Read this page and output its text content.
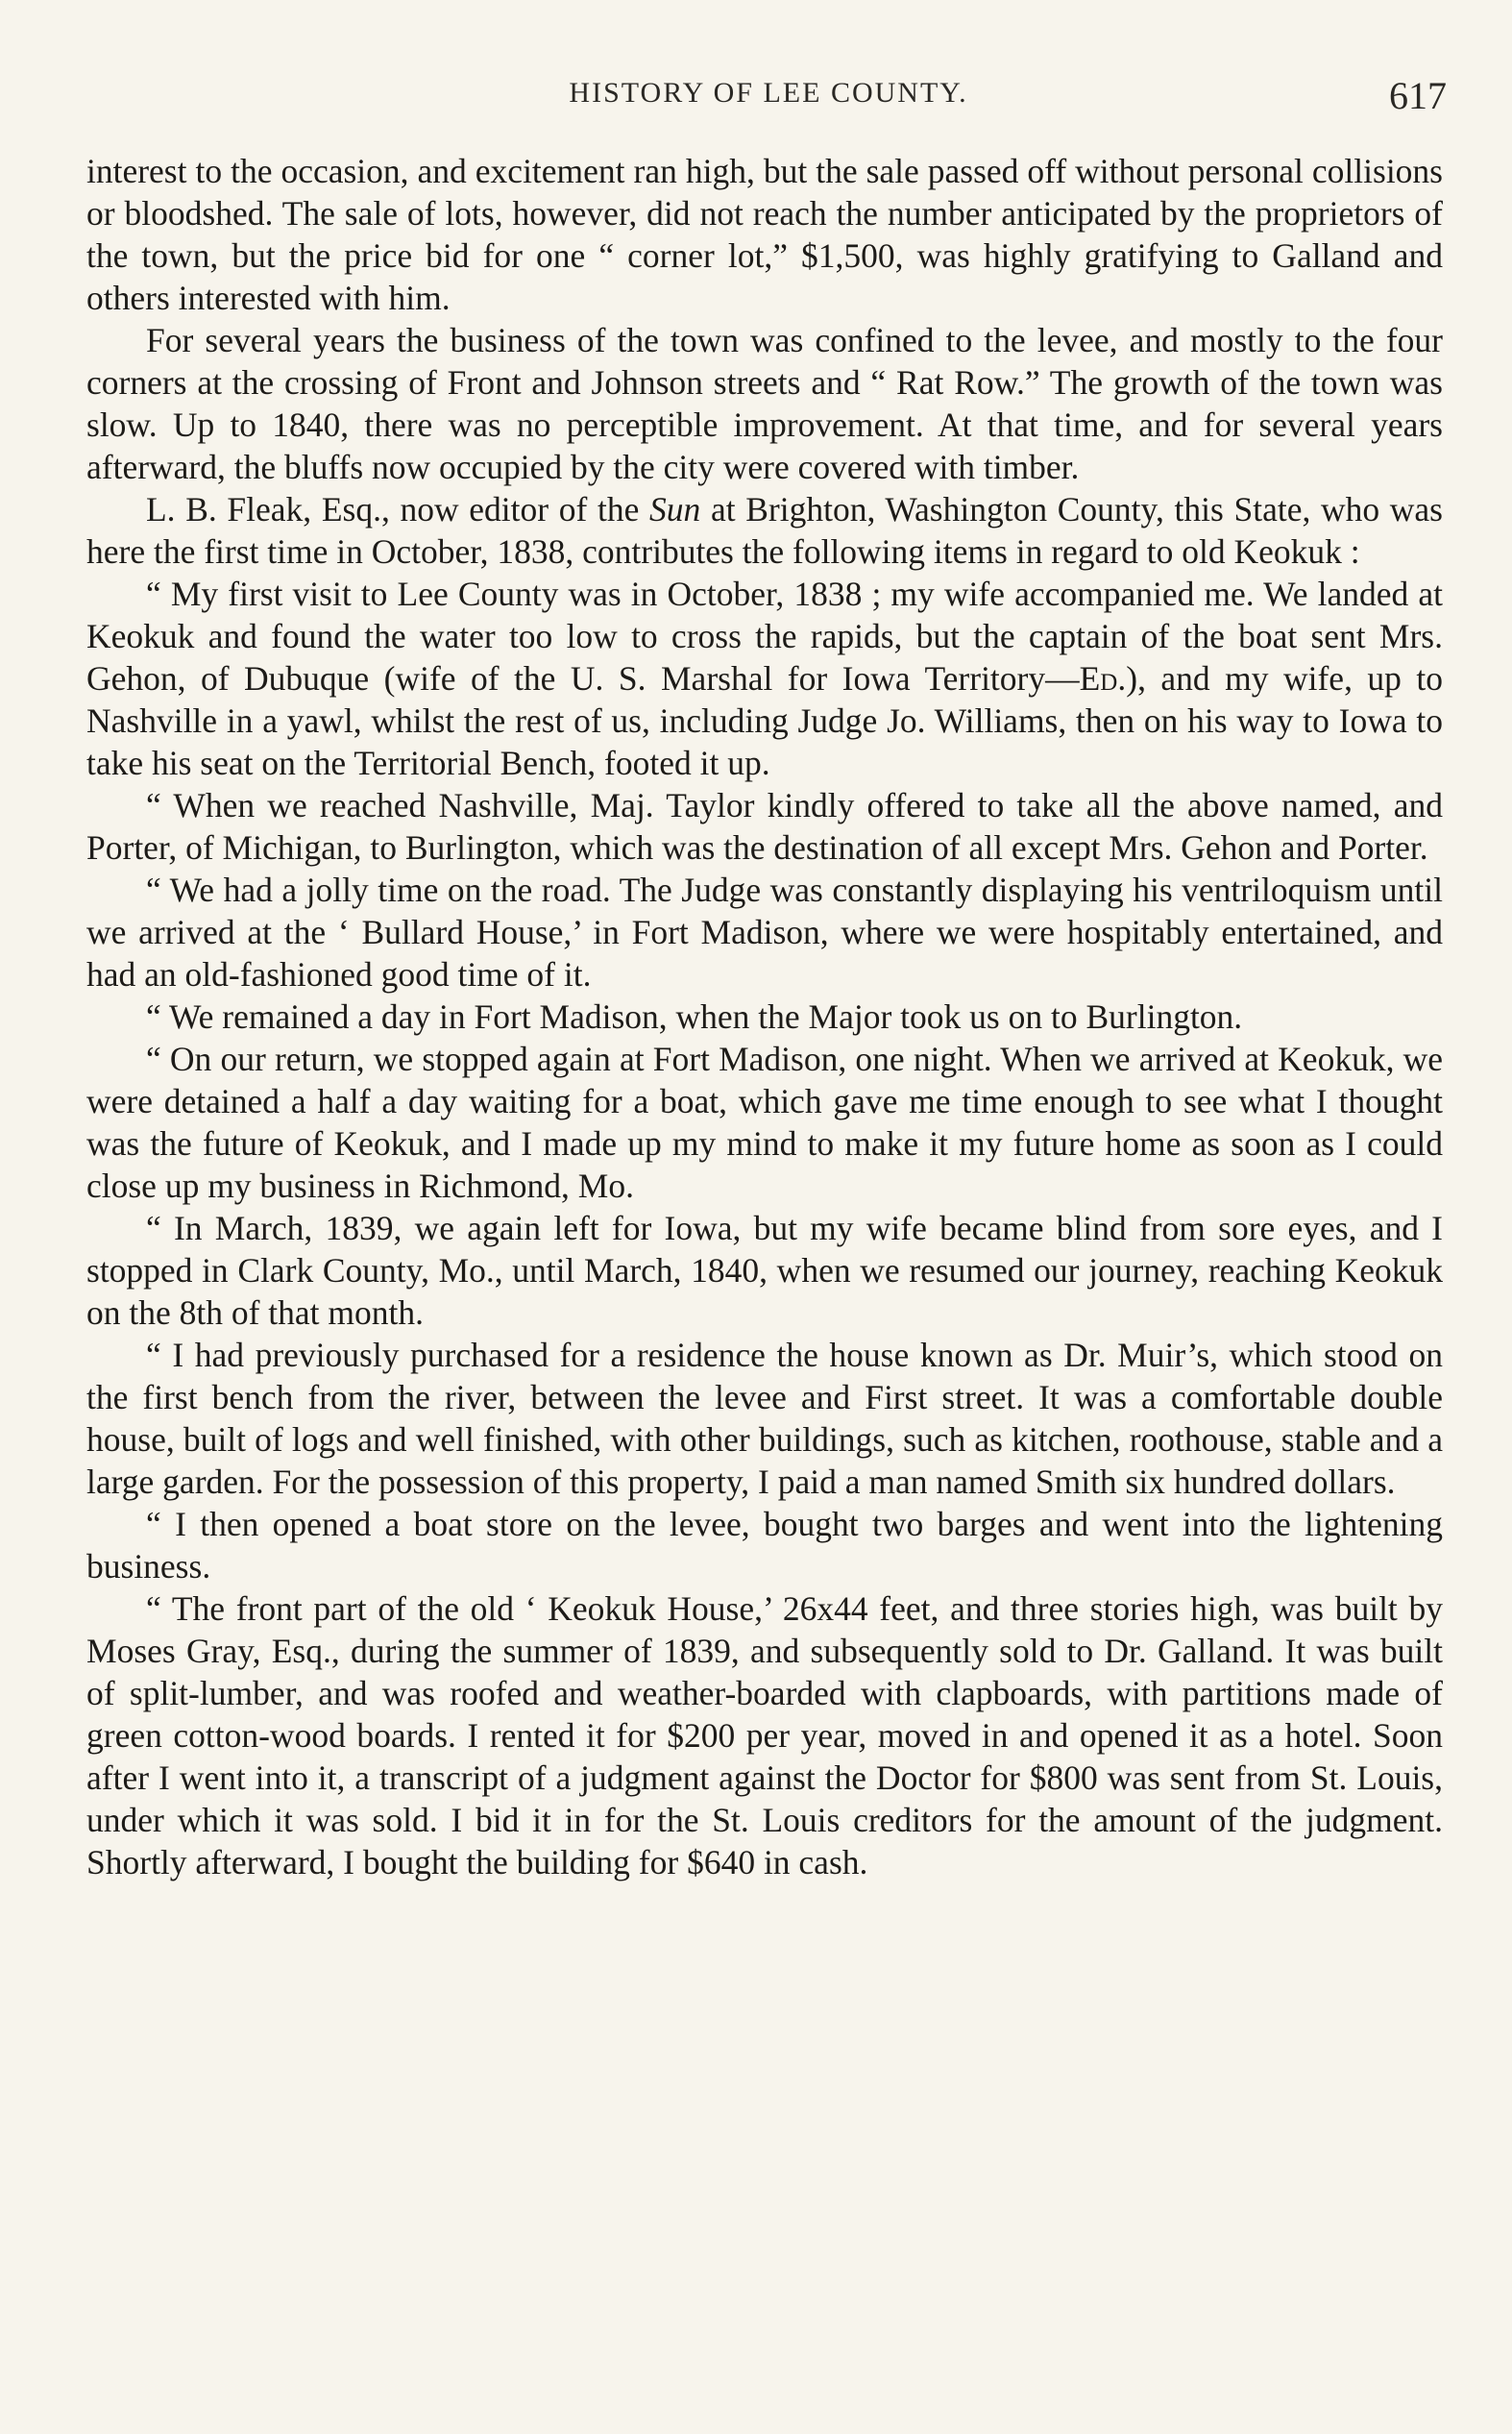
HISTORY OF LEE COUNTY.	617

interest to the occasion, and excitement ran high, but the sale passed off without personal collisions or bloodshed. The sale of lots, however, did not reach the number anticipated by the proprietors of the town, but the price bid for one “ corner lot,” $1,500, was highly gratifying to Galland and others interested with him.

For several years the business of the town was confined to the levee, and mostly to the four corners at the crossing of Front and Johnson streets and “ Rat Row.” The growth of the town was slow. Up to 1840, there was no perceptible improvement. At that time, and for several years afterward, the bluffs now occupied by the city were covered with timber.

L. B. Fleak, Esq., now editor of the Sun at Brighton, Washington County, this State, who was here the first time in October, 1838, contributes the following items in regard to old Keokuk :

“ My first visit to Lee County was in October, 1838 ; my wife accompanied me. We landed at Keokuk and found the water too low to cross the rapids, but the captain of the boat sent Mrs. Gehon, of Dubuque (wife of the U. S. Marshal for Iowa Territory—Ed.), and my wife, up to Nashville in a yawl, whilst the rest of us, including Judge Jo. Williams, then on his way to Iowa to take his seat on the Territorial Bench, footed it up.

“ When we reached Nashville, Maj. Taylor kindly offered to take all the above named, and Porter, of Michigan, to Burlington, which was the destination of all except Mrs. Gehon and Porter.

“ We had a jolly time on the road. The Judge was constantly displaying his ventriloquism until we arrived at the ‘ Bullard House,’ in Fort Madison, where we were hospitably entertained, and had an old-fashioned good time of it.

“ We remained a day in Fort Madison, when the Major took us on to Burlington.

“ On our return, we stopped again at Fort Madison, one night. When we arrived at Keokuk, we were detained a half a day waiting for a boat, which gave me time enough to see what I thought was the future of Keokuk, and I made up my mind to make it my future home as soon as I could close up my business in Richmond, Mo.

“ In March, 1839, we again left for Iowa, but my wife became blind from sore eyes, and I stopped in Clark County, Mo., until March, 1840, when we resumed our journey, reaching Keokuk on the 8th of that month.

“ I had previously purchased for a residence the house known as Dr. Muir’s, which stood on the first bench from the river, between the levee and First street. It was a comfortable double house, built of logs and well finished, with other buildings, such as kitchen, roothouse, stable and a large garden. For the possession of this property, I paid a man named Smith six hundred dollars.

“ I then opened a boat store on the levee, bought two barges and went into the lightening business.

“ The front part of the old ‘ Keokuk House,’ 26x44 feet, and three stories high, was built by Moses Gray, Esq., during the summer of 1839, and subsequently sold to Dr. Galland. It was built of split-lumber, and was roofed and weather-boarded with clapboards, with partitions made of green cotton-wood boards. I rented it for $200 per year, moved in and opened it as a hotel. Soon after I went into it, a transcript of a judgment against the Doctor for $800 was sent from St. Louis, under which it was sold. I bid it in for the St. Louis creditors for the amount of the judgment. Shortly afterward, I bought the building for $640 in cash.
